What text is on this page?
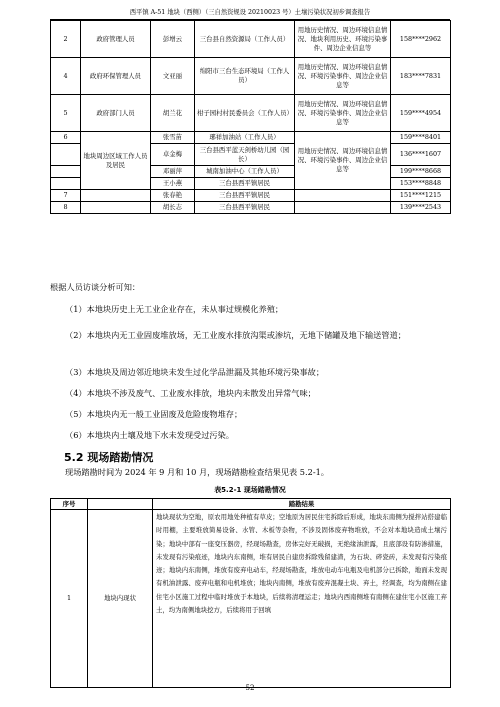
西平镇 A-51 地块（西侧）（三自然资规设 20210023 号）土壤污染状况初步调查报告
2	政府管理人员	彭增云	三台县自然资源局（工作人员）	用地历史情况、周边环境信息情况、地块利用历史、环境污染事件、周边企业信息等	158****2962
4	政府环保管理人员	文亚丽	绵阳市三台生态环境局（工作人员）	用地历史情况、周边环境信息情况、环境污染事件、周边企业信息等	183****7831
5	政府部门人员	胡兰花	柑子园村村民委员会（工作人员）	用地历史情况、周边环境信息情况、环境污染事件、周边企业信息等	159****4954
6	地块周边区域工作人员及居民	张雪苗	琊祥加油站（工作人员）	用地历史情况、周边环境信息情况、环境污染事件、周边企业信息等	159****8401
		卓金梅	三台县西平蓝天剑桥幼儿园（园长）		136****1607
		邓丽萍	城南加油中心（工作人员）		199****8668
		王小燕	三台县西平镇居民		153****8848
7		张春艳	三台县西平镇居民		151****1215
8		胡长志	三台县西平镇居民		139****2543
根据人员访谈分析可知：
（1）本地块历史上无工业企业存在，未从事过规模化养殖；
（2）本地块内无工业固废堆放场，无工业废水排放沟渠或渗坑，无地下储罐及地下输送管道；
（3）本地块及周边邻近地块未发生过化学品泄漏及其他环境污染事故；
（4）本地块不涉及废气、工业废水排放，地块内未散发出异常气味；
（5）本地块内无一般工业固废及危险废物堆存；
（6）本地块内土壤及地下水未发现受过污染。
5.2 现场踏勘情况
现场踏勘时间为 2024 年 9 月和 10 月，现场踏勘检查结果见表 5.2-1。
表5.2-1 现场踏勘情况
序号		踏勘结果
1	地块内现状	地块现状为空地，原农用地处种植有草皮；空地原为居民住宅拆除后形成，地块东南侧为搅拌站搭建临时用棚，主要堆放简易设备、水管、木板等杂物，不涉及固体废弃物堆放，不会对本地块造成土壤污染；地块中部有一座变压器房，经现场勘查，房体完好无破损，无绝缘油泄露，且底部设有防渗措施，未发现有污染痕迹，地块内东南侧，堆有居民自建房拆除残留建渣，为石块、碎瓷砖，未发现有污染痕迹；地块内东南侧，堆放有废弃电动车，经现场勘查，堆放电动车电瓶及电机部分已拆除，地面未发现有机油泄露、废弃电瓶和电机堆放；地块内南侧，堆放有废弃混凝土块、弃土，经调查，均为南侧在建住宅小区施工过程中临时堆放于本地块，后续将清理运走；地块内西南侧堆有南侧在建住宅小区施工弃土，均为南侧地块挖方，后续将用于回填
52
